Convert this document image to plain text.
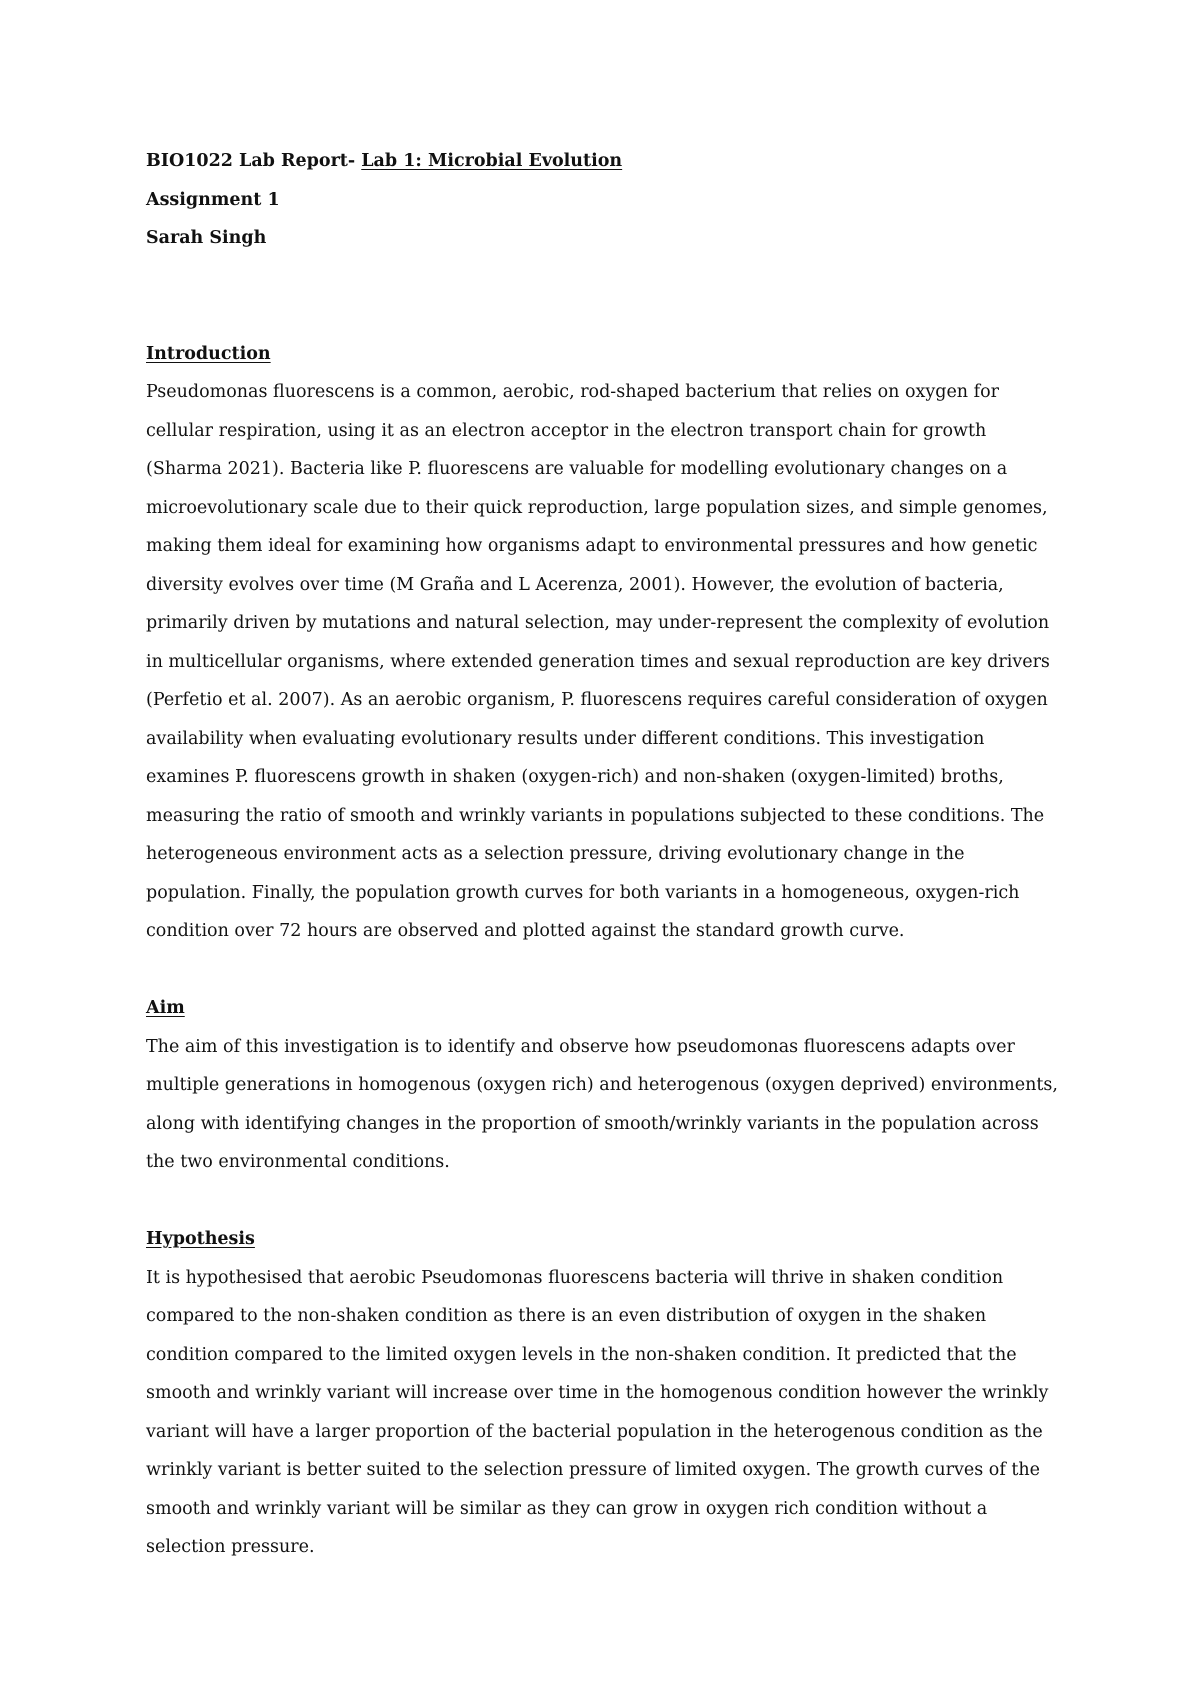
BIO1022 Lab Report- Lab 1: Microbial Evolution

Assignment 1

Sarah Singh

Introduction

Pseudomonas fluorescens is a common, aerobic, rod-shaped bacterium that relies on oxygen for cellular respiration, using it as an electron acceptor in the electron transport chain for growth (Sharma 2021). Bacteria like P. fluorescens are valuable for modelling evolutionary changes on a microevolutionary scale due to their quick reproduction, large population sizes, and simple genomes, making them ideal for examining how organisms adapt to environmental pressures and how genetic diversity evolves over time (M Graña and L Acerenza, 2001). However, the evolution of bacteria, primarily driven by mutations and natural selection, may under-represent the complexity of evolution in multicellular organisms, where extended generation times and sexual reproduction are key drivers (Perfetio et al. 2007). As an aerobic organism, P. fluorescens requires careful consideration of oxygen availability when evaluating evolutionary results under different conditions. This investigation examines P. fluorescens growth in shaken (oxygen-rich) and non-shaken (oxygen-limited) broths, measuring the ratio of smooth and wrinkly variants in populations subjected to these conditions. The heterogeneous environment acts as a selection pressure, driving evolutionary change in the population. Finally, the population growth curves for both variants in a homogeneous, oxygen-rich condition over 72 hours are observed and plotted against the standard growth curve.

Aim

The aim of this investigation is to identify and observe how pseudomonas fluorescens adapts over multiple generations in homogenous (oxygen rich) and heterogenous (oxygen deprived) environments, along with identifying changes in the proportion of smooth/wrinkly variants in the population across the two environmental conditions.

Hypothesis

It is hypothesised that aerobic Pseudomonas fluorescens bacteria will thrive in shaken condition compared to the non-shaken condition as there is an even distribution of oxygen in the shaken condition compared to the limited oxygen levels in the non-shaken condition. It predicted that the smooth and wrinkly variant will increase over time in the homogenous condition however the wrinkly variant will have a larger proportion of the bacterial population in the heterogenous condition as the wrinkly variant is better suited to the selection pressure of limited oxygen. The growth curves of the smooth and wrinkly variant will be similar as they can grow in oxygen rich condition without a selection pressure.
